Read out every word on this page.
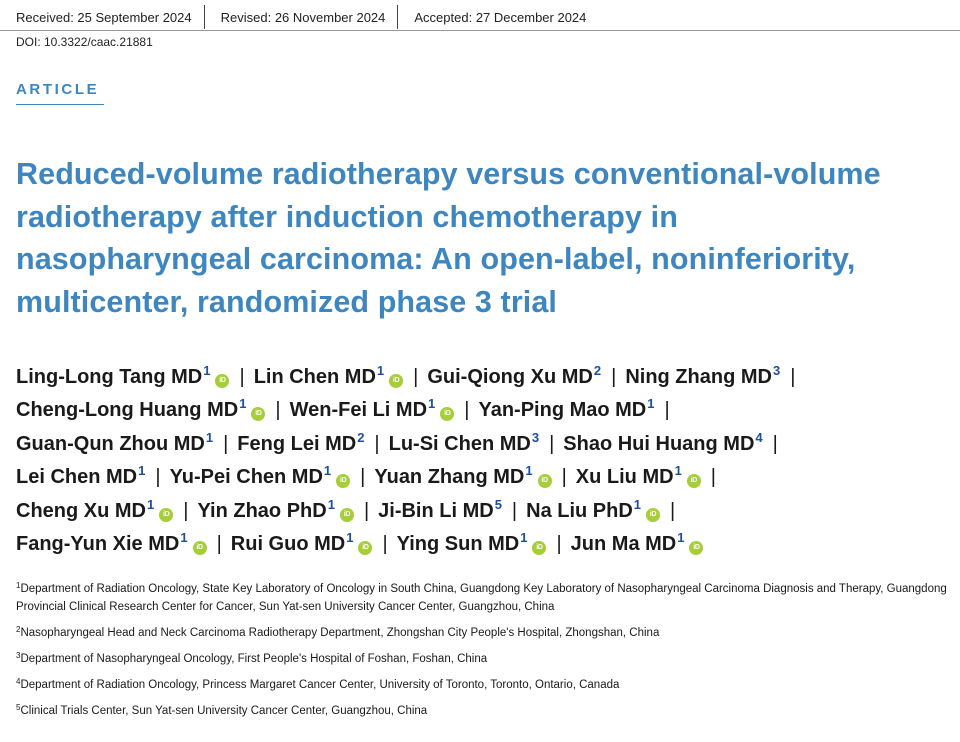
Received: 25 September 2024	Revised: 26 November 2024	Accepted: 27 December 2024
DOI: 10.3322/caac.21881
ARTICLE
Reduced-volume radiotherapy versus conventional-volume
radiotherapy after induction chemotherapy in
nasopharyngeal carcinoma: An open-label, noninferiority,
multicenter, randomized phase 3 trial
Ling-Long Tang $MD^1iD$ | Lin Chen $MD^1iD$ | Gui-Qiong Xu $MD^2$ | Ning Zhang $MD^3$ |
Cheng-Long Huang $MD^1iD$ | Wen-Fei Li $MD^1iD$ | Yan-Ping Mao $MD^1$ |
Guan-Qun Zhou $MD^1$ | Feng Lei $MD^2$ | Lu-Si Chen $MD^3$ | Shao Hui Huang $MD^4$ |
Lei Chen $MD^1$ | Yu-Pei Chen $MD^1iD$ | Yuan Zhang $MD^1iD$ | Xu Liu $MD^1iD$ |
Cheng Xu $MD^1iD$ | Yin Zhao PhD$^1$iD | Ji-Bin Li $MD^5$ | Na Liu PhD$^1$iD |
Fang-Yun Xie $MD^1iD$ | Rui Guo $MD^1iD$ | Ying Sun $MD^1iD$ | Jun Ma $MD^1iD$
$^1$Department of Radiation Oncology, State Key Laboratory of Oncology in South China, Guangdong Key Laboratory of Nasopharyngeal Carcinoma Diagnosis and Therapy, Guangdong Provincial Clinical Research Center for Cancer, Sun Yat-sen University Cancer Center, Guangzhou, China
$^2$Nasopharyngeal Head and Neck Carcinoma Radiotherapy Department, Zhongshan City People's Hospital, Zhongshan, China
$^3$Department of Nasopharyngeal Oncology, First People's Hospital of Foshan, Foshan, China
$^4$Department of Radiation Oncology, Princess Margaret Cancer Center, University of Toronto, Toronto, Ontario, Canada
$^5$Clinical Trials Center, Sun Yat-sen University Cancer Center, Guangzhou, China
